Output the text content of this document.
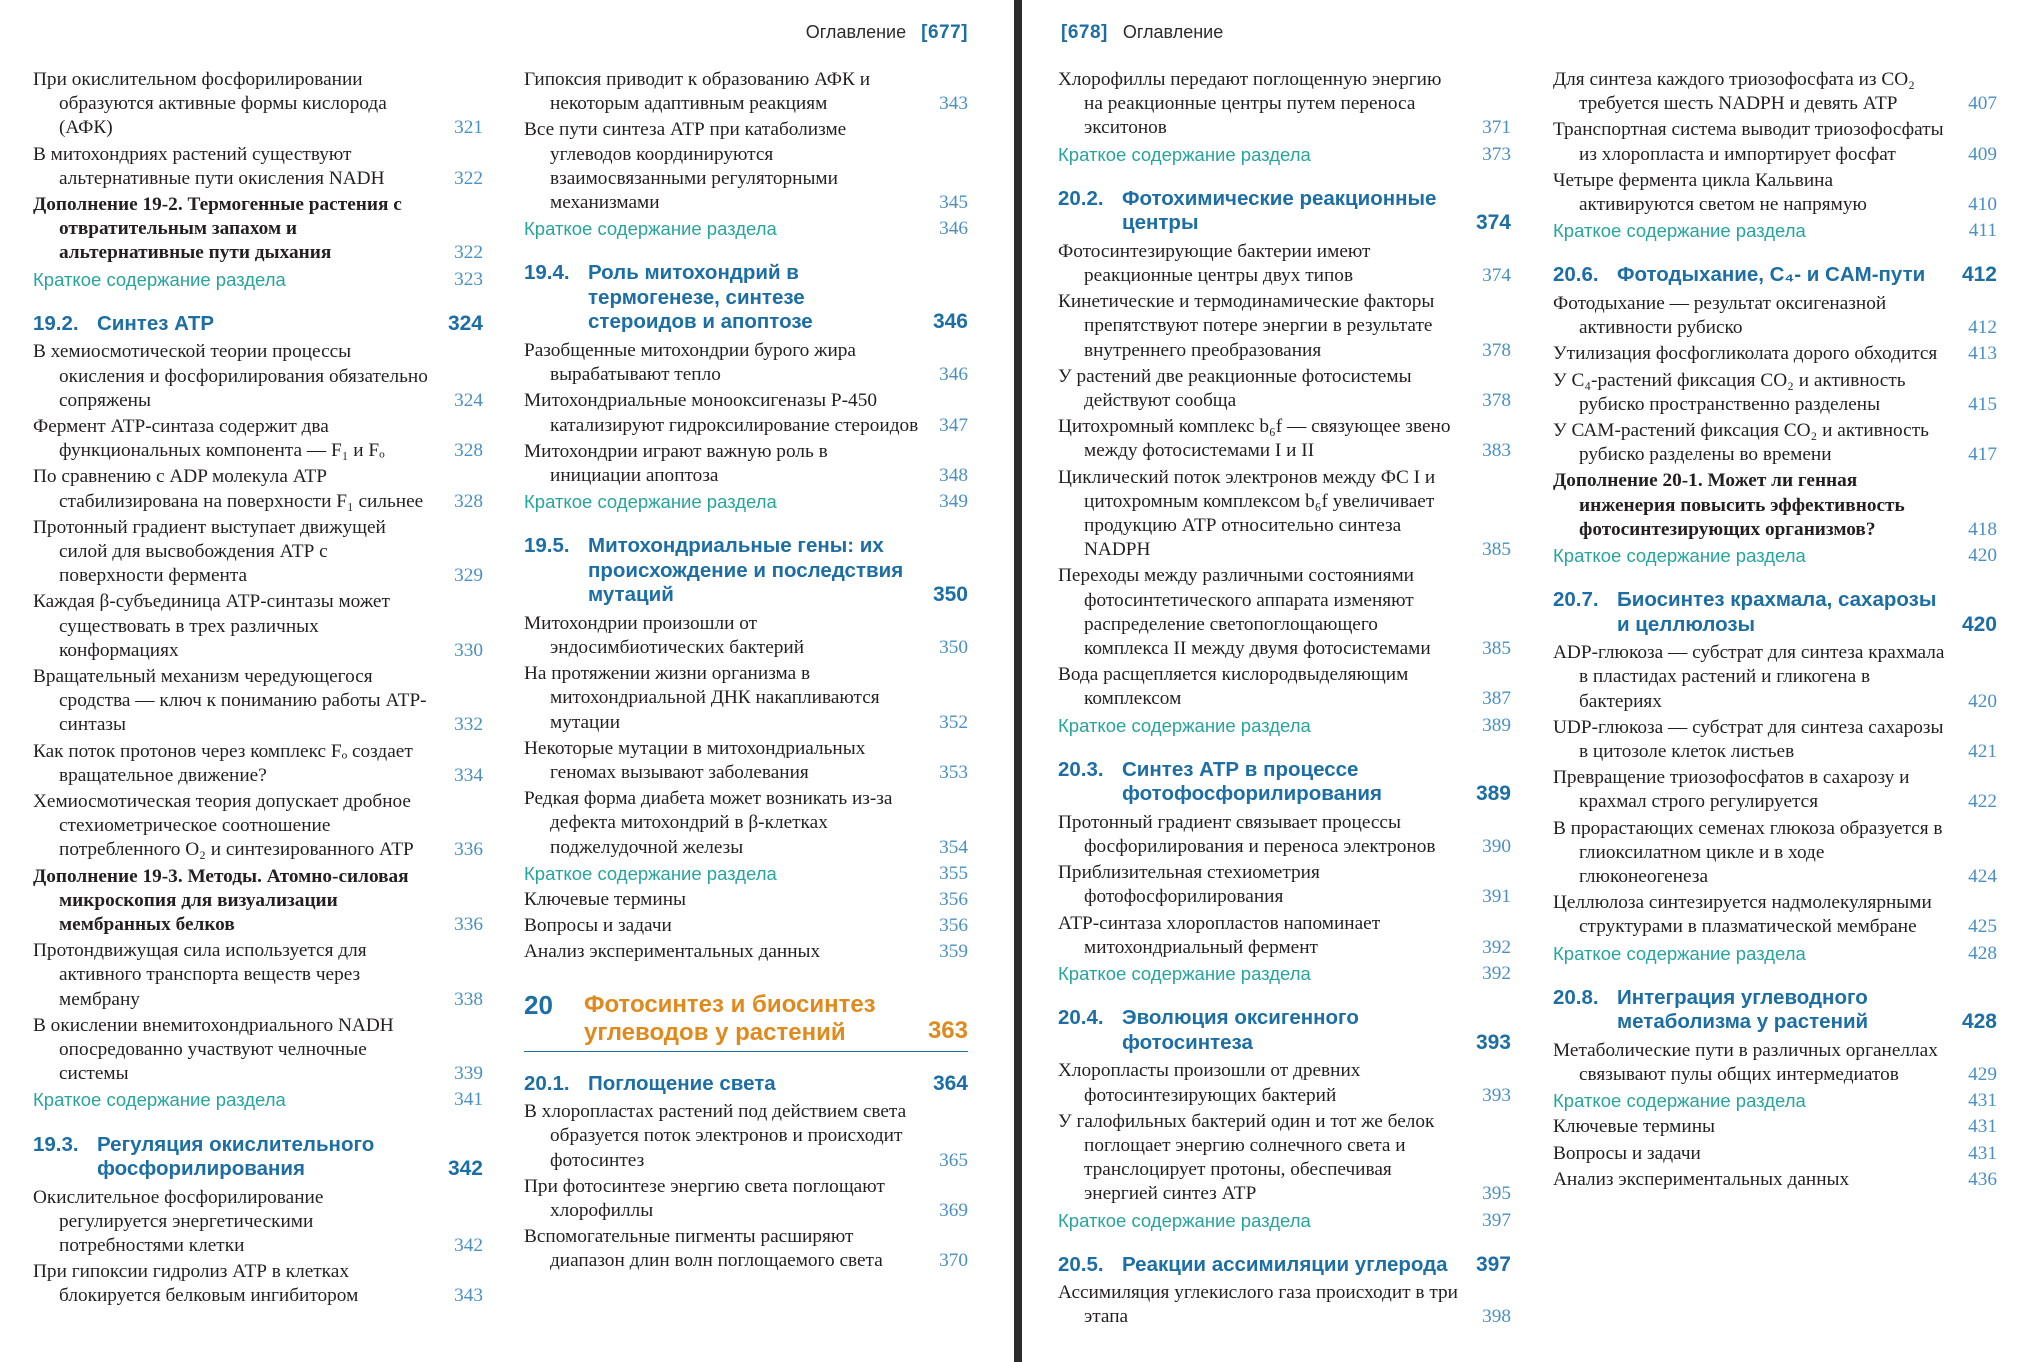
Оглавление [677]
При окислительном фосфорилировании образуются активные формы кислорода (АФК)	321
В митохондриях растений существуют альтернативные пути окисления NADH	322
Дополнение 19-2. Термогенные растения с отвратительным запахом и альтернативные пути дыхания	322
Краткое содержание раздела	323
19.2. Синтез АТР	324
В хемиосмотической теории процессы окисления и фосфорилирования обязательно сопряжены	324
Фермент АТР-синтаза содержит два функциональных компонента — F₁ и Fₒ	328
По сравнению с ADP молекула ATP стабилизирована на поверхности F₁ сильнее	328
Протонный градиент выступает движущей силой для высвобождения АТР с поверхности фермента	329
Каждая β-субъединица АТР-синтазы может существовать в трех различных конформациях	330
Вращательный механизм чередующегося сродства — ключ к пониманию работы АТР-синтазы	332
Как поток протонов через комплекс Fₒ создает вращательное движение?	334
Хемиосмотическая теория допускает дробное стехиометрическое соотношение потребленного O₂ и синтезированного АТР	336
Дополнение 19-3. Методы. Атомно-силовая микроскопия для визуализации мембранных белков	336
Протондвижущая сила используется для активного транспорта веществ через мембрану	338
В окислении внемитохондриального NADH опосредованно участвуют челночные системы	339
Краткое содержание раздела	341
19.3. Регуляция окислительного фосфорилирования	342
Окислительное фосфорилирование регулируется энергетическими потребностями клетки	342
При гипоксии гидролиз АТР в клетках блокируется белковым ингибитором	343
Гипоксия приводит к образованию АФК и некоторым адаптивным реакциям	343
Все пути синтеза АТР при катаболизме углеводов координируются взаимосвязанными регуляторными механизмами	345
Краткое содержание раздела	346
19.4. Роль митохондрий в термогенезе, синтезе стероидов и апоптозе	346
Разобщенные митохондрии бурого жира вырабатывают тепло	346
Митохондриальные монооксигеназы Р-450 катализируют гидроксилирование стероидов	347
Митохондрии играют важную роль в инициации апоптоза	348
Краткое содержание раздела	349
19.5. Митохондриальные гены: их происхождение и последствия мутаций	350
Митохондрии произошли от эндосимбиотических бактерий	350
На протяжении жизни организма в митохондриальной ДНК накапливаются мутации	352
Некоторые мутации в митохондриальных геномах вызывают заболевания	353
Редкая форма диабета может возникать из-за дефекта митохондрий в β-клетках поджелудочной железы	354
Краткое содержание раздела	355
Ключевые термины	356
Вопросы и задачи	356
Анализ экспериментальных данных	359
20	Фотосинтез и биосинтез углеводов у растений	363
20.1. Поглощение света	364
В хлоропластах растений под действием света образуется поток электронов и происходит фотосинтез	365
При фотосинтезе энергию света поглощают хлорофиллы	369
Вспомогательные пигменты расширяют диапазон длин волн поглощаемого света	370
[678] Оглавление
Хлорофиллы передают поглощенную энергию на реакционные центры путем переноса экситонов	371
Краткое содержание раздела	373
20.2. Фотохимические реакционные центры	374
Фотосинтезирующие бактерии имеют реакционные центры двух типов	374
Кинетические и термодинамические факторы препятствуют потере энергии в результате внутреннего преобразования	378
У растений две реакционные фотосистемы действуют сообща	378
Цитохромный комплекс b₆f — связующее звено между фотосистемами I и II	383
Циклический поток электронов между ФС I и цитохромным комплексом b₆f увеличивает продукцию АТР относительно синтеза NADPH	385
Переходы между различными состояниями фотосинтетического аппарата изменяют распределение светопоглощающего комплекса II между двумя фотосистемами	385
Вода расщепляется кислородвыделяющим комплексом	387
Краткое содержание раздела	389
20.3. Синтез АТР в процессе фотофосфорилирования	389
Протонный градиент связывает процессы фосфорилирования и переноса электронов	390
Приблизительная стехиометрия фотофосфорилирования	391
АТР-синтаза хлоропластов напоминает митохондриальный фермент	392
Краткое содержание раздела	392
20.4. Эволюция оксигенного фотосинтеза	393
Хлоропласты произошли от древних фотосинтезирующих бактерий	393
У галофильных бактерий один и тот же белок поглощает энергию солнечного света и транслоцирует протоны, обеспечивая энергией синтез АТР	395
Краткое содержание раздела	397
20.5. Реакции ассимиляции углерода	397
Ассимиляция углекислого газа происходит в три этапа	398
Для синтеза каждого триозофосфата из CO₂ требуется шесть NADPH и девять АТР	407
Транспортная система выводит триозофосфаты из хлоропласта и импортирует фосфат	409
Четыре фермента цикла Кальвина активируются светом не напрямую	410
Краткое содержание раздела	411
20.6. Фотодыхание, C₄- и CAM-пути	412
Фотодыхание — результат оксигеназной активности рубиско	412
Утилизация фосфогликолата дорого обходится	413
У C₄-растений фиксация CO₂ и активность рубиско пространственно разделены	415
У САМ-растений фиксация CO₂ и активность рубиско разделены во времени	417
Дополнение 20-1. Может ли генная инженерия повысить эффективность фотосинтезирующих организмов?	418
Краткое содержание раздела	420
20.7. Биосинтез крахмала, сахарозы и целлюлозы	420
ADP-глюкоза — субстрат для синтеза крахмала в пластидах растений и гликогена в бактериях	420
UDP-глюкоза — субстрат для синтеза сахарозы в цитозоле клеток листьев	421
Превращение триозофосфатов в сахарозу и крахмал строго регулируется	422
В прорастающих семенах глюкоза образуется в глиоксилатном цикле и в ходе глюконеогенеза	424
Целлюлоза синтезируется надмолекулярными структурами в плазматической мембране	425
Краткое содержание раздела	428
20.8. Интеграция углеводного метаболизма у растений	428
Метаболические пути в различных органеллах связывают пулы общих интермедиатов	429
Краткое содержание раздела	431
Ключевые термины	431
Вопросы и задачи	431
Анализ экспериментальных данных	436
